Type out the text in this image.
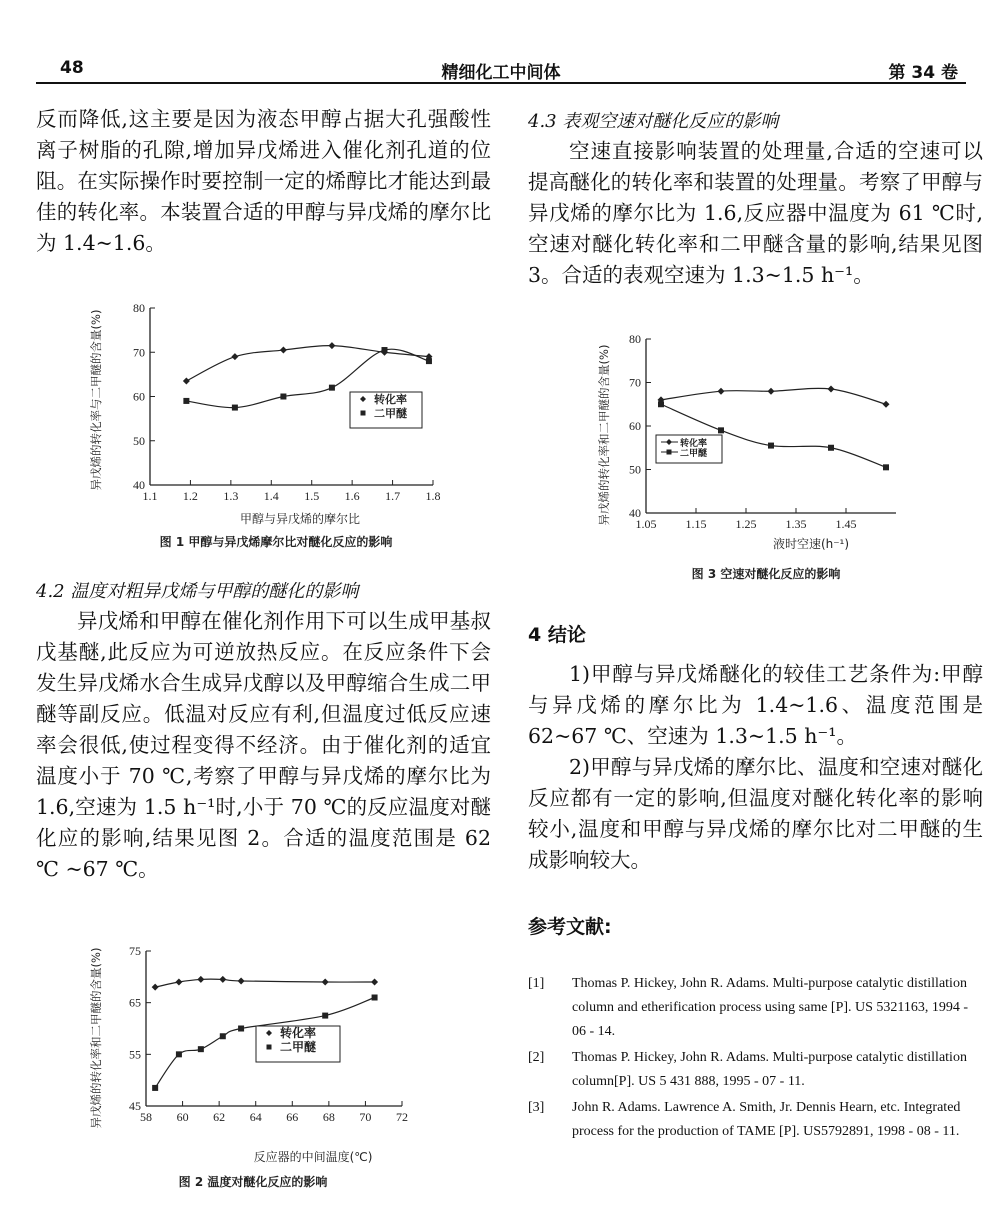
48	精细化工中间体	第 34 卷

反而降低,这主要是因为液态甲醇占据大孔强酸性离子树脂的孔隙,增加异戊烯进入催化剂孔道的位阻。在实际操作时要控制一定的烯醇比才能达到最佳的转化率。本装置合适的甲醇与异戊烯的摩尔比为 1.4~1.6。

1.1 1.2 1.3 1.4 1.5 1.6 1.7 1.8
40
50
60
70
80
转化率
二甲醚
甲醇与异戊烯的摩尔比
异戊烯的转化率与二甲醚的含量(%)
图 1 甲醇与异戊烯摩尔比对醚化反应的影响

4.2 温度对粗异戊烯与甲醇的醚化的影响

异戊烯和甲醇在催化剂作用下可以生成甲基叔戊基醚,此反应为可逆放热反应。在反应条件下会发生异戊烯水合生成异戊醇以及甲醇缩合生成二甲醚等副反应。低温对反应有利,但温度过低反应速率会很低,使过程变得不经济。由于催化剂的适宜温度小于 70 ℃,考察了甲醇与异戊烯的摩尔比为 1.6,空速为 1.5 h⁻¹时,小于 70 ℃的反应温度对醚化应的影响,结果见图 2。合适的温度范围是 62 ℃ ~67 ℃。

58 60 62 64 66 68 70 72
45
55
65
75
转化率
二甲醚
反应器的中间温度(℃)
异戊烯的转化率和二甲醚的含量(%)
图 2 温度对醚化反应的影响

4.3 表观空速对醚化反应的影响

空速直接影响装置的处理量,合适的空速可以提高醚化的转化率和装置的处理量。考察了甲醇与异戊烯的摩尔比为 1.6,反应器中温度为 61 ℃时,空速对醚化转化率和二甲醚含量的影响,结果见图 3。合适的表观空速为 1.3~1.5 h⁻¹。

1.05 1.15 1.25 1.35 1.45
40
50
60
70
80
转化率
二甲醚
液时空速(h⁻¹)
异戊烯的转化率和二甲醚的含量(%)
图 3 空速对醚化反应的影响

4 结论

1)甲醇与异戊烯醚化的较佳工艺条件为:甲醇与异戊烯的摩尔比为 1.4~1.6、温度范围是 62~67 ℃、空速为 1.3~1.5 h⁻¹。

2)甲醇与异戊烯的摩尔比、温度和空速对醚化反应都有一定的影响,但温度对醚化转化率的影响较小,温度和甲醇与异戊烯的摩尔比对二甲醚的生成影响较大。

参考文献:

[1] Thomas P. Hickey, John R. Adams. Multi-purpose catalytic distillation column and etherification process using same [P]. US 5321163, 1994 - 06 - 14.
[2] Thomas P. Hickey, John R. Adams. Multi-purpose catalytic distillation column[P]. US 5 431 888, 1995 - 07 - 11.
[3] John R. Adams. Lawrence A. Smith, Jr. Dennis Hearn, etc. Integrated process for the production of TAME [P]. US5792891, 1998 - 08 - 11.
